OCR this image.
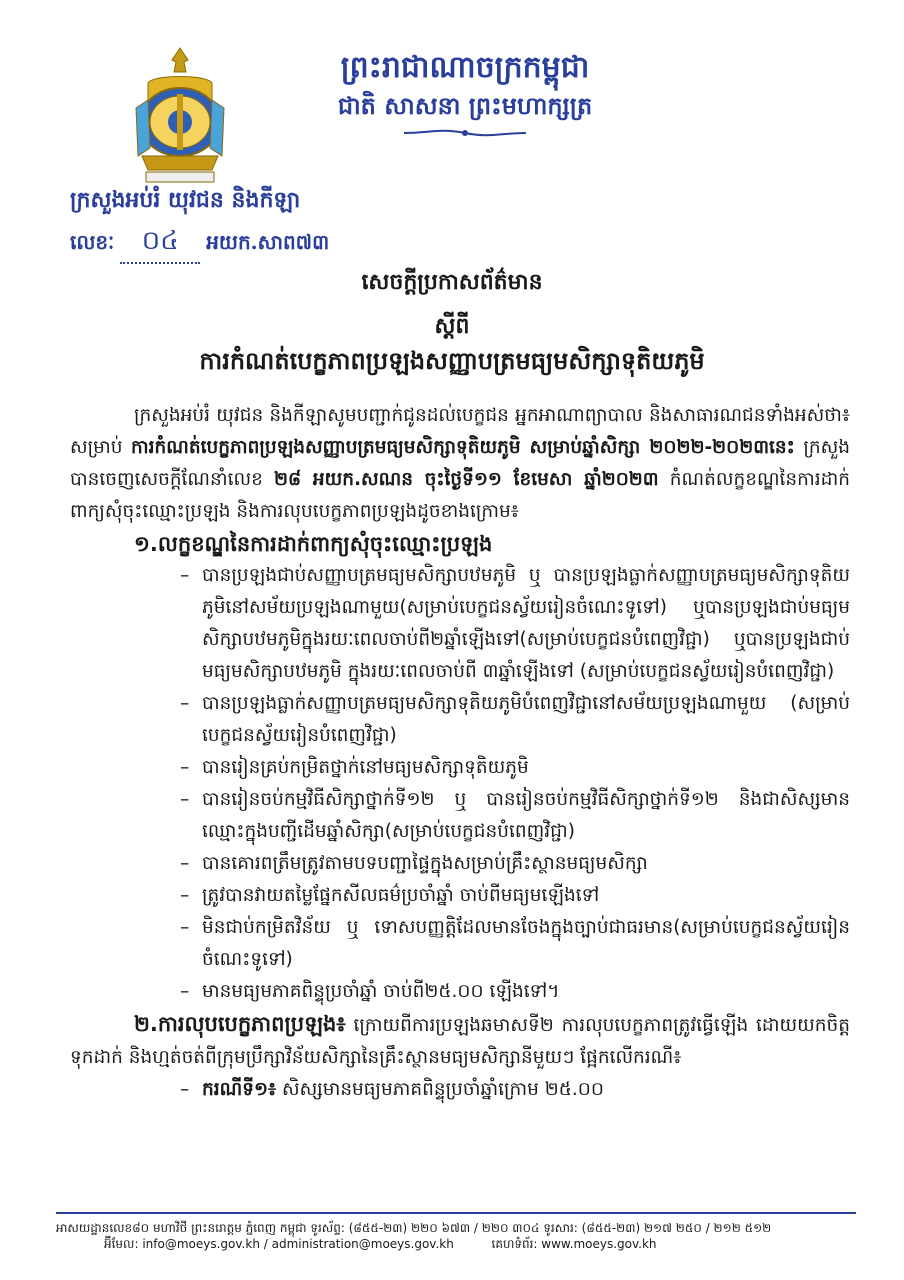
ព្រះរាជាណាចក្រកម្ពុជា
ជាតិ សាសនា ព្រះមហាក្សត្រ
ក្រសួងអប់រំ យុវជន និងកីឡា
លេខៈ	០៤	អយក.សាព៧៣
សេចក្តីប្រកាសព័ត៌មាន
ស្តីពី
ការកំណត់បេក្ខភាពប្រឡងសញ្ញាបត្រមធ្យមសិក្សាទុតិយភូមិ

ក្រសួងអប់រំ យុវជន និងកីឡាសូមបញ្ជាក់ជូនដល់បេក្ខជន អ្នកអាណាព្យាបាល និងសាធារណជនទាំងអស់ថា៖ សម្រាប់ ការកំណត់បេក្ខភាពប្រឡងសញ្ញាបត្រមធ្យមសិក្សាទុតិយភូមិ សម្រាប់ឆ្នាំសិក្សា ២០២២-២០២៣នេះ ក្រសួងបានចេញសេចក្តីណែនាំលេខ ២៨ អយក.សណន ចុះថ្ងៃទី១១ ខែមេសា ឆ្នាំ២០២៣ កំណត់លក្ខខណ្ឌនៃការដាក់ពាក្យសុំចុះឈ្មោះប្រឡង និងការលុបបេក្ខភាពប្រឡងដូចខាងក្រោម៖

១.លក្ខខណ្ឌនៃការដាក់ពាក្យសុំចុះឈ្មោះប្រឡង

– បានប្រឡងជាប់សញ្ញាបត្រមធ្យមសិក្សាបឋមភូមិ ឬ បានប្រឡងធ្លាក់សញ្ញាបត្រមធ្យមសិក្សាទុតិយភូមិនៅសម័យប្រឡងណាមួយ(សម្រាប់បេក្ខជនស្វ័យរៀនចំណេះទូទៅ) ឬបានប្រឡងជាប់មធ្យមសិក្សាបឋមភូមិក្នុងរយៈពេលចាប់ពី២ឆ្នាំឡើងទៅ(សម្រាប់បេក្ខជនបំពេញវិជ្ជា) ឬបានប្រឡងជាប់មធ្យមសិក្សាបឋមភូមិ ក្នុងរយៈពេលចាប់ពី ៣ឆ្នាំឡើងទៅ (សម្រាប់បេក្ខជនស្វ័យរៀនបំពេញវិជ្ជា)
– បានប្រឡងធ្លាក់សញ្ញាបត្រមធ្យមសិក្សាទុតិយភូមិបំពេញវិជ្ជានៅសម័យប្រឡងណាមួយ (សម្រាប់បេក្ខជនស្វ័យរៀនបំពេញវិជ្ជា)
– បានរៀនគ្រប់កម្រិតថ្នាក់នៅមធ្យមសិក្សាទុតិយភូមិ
– បានរៀនចប់កម្មវិធីសិក្សាថ្នាក់ទី១២ ឬ បានរៀនចប់កម្មវិធីសិក្សាថ្នាក់ទី១២ និងជាសិស្សមានឈ្មោះក្នុងបញ្ជីដើមឆ្នាំសិក្សា(សម្រាប់បេក្ខជនបំពេញវិជ្ជា)
– បានគោរពត្រឹមត្រូវតាមបទបញ្ជាផ្ទៃក្នុងសម្រាប់គ្រឹះស្ថានមធ្យមសិក្សា
– ត្រូវបានវាយតម្លៃផ្នែកសីលធម៌ប្រចាំឆ្នាំ ចាប់ពីមធ្យមឡើងទៅ
– មិនជាប់កម្រិតវិន័យ ឬ ទោសបញ្ញត្តិដែលមានចែងក្នុងច្បាប់ជាធរមាន(សម្រាប់បេក្ខជនស្វ័យរៀនចំណេះទូទៅ)
– មានមធ្យមភាគពិន្ទុប្រចាំឆ្នាំ ចាប់ពី២៥.០០ ឡើងទៅ។

២.ការលុបបេក្ខភាពប្រឡង៖ ក្រោយពីការប្រឡងឆមាសទី២ ការលុបបេក្ខភាពត្រូវធ្វើឡើង ដោយយកចិត្តទុកដាក់ និងហ្មត់ចត់ពីក្រុមប្រឹក្សាវិន័យសិក្សានៃគ្រឹះស្ថានមធ្យមសិក្សានីមួយៗ ផ្អែកលើករណី៖

– ករណីទី១៖ សិស្សមានមធ្យមភាគពិន្ទុប្រចាំឆ្នាំក្រោម ២៥.០០

អាសយដ្ឋានលេខ៨០ មហាវិថី ព្រះនរោត្តម ភ្នំពេញ កម្ពុជា ទូរស័ព្ទ: (៨៥៥-២៣) ២២០ ៦៧៣ / ២២០ ៣០៤ ទូរសារ: (៨៥៥-២៣) ២១៧ ២៥០ / ២១២ ៥១២
អ៊ីមែល: info@moeys.gov.kh / administration@moeys.gov.kh	គេហទំព័រ: www.moeys.gov.kh
